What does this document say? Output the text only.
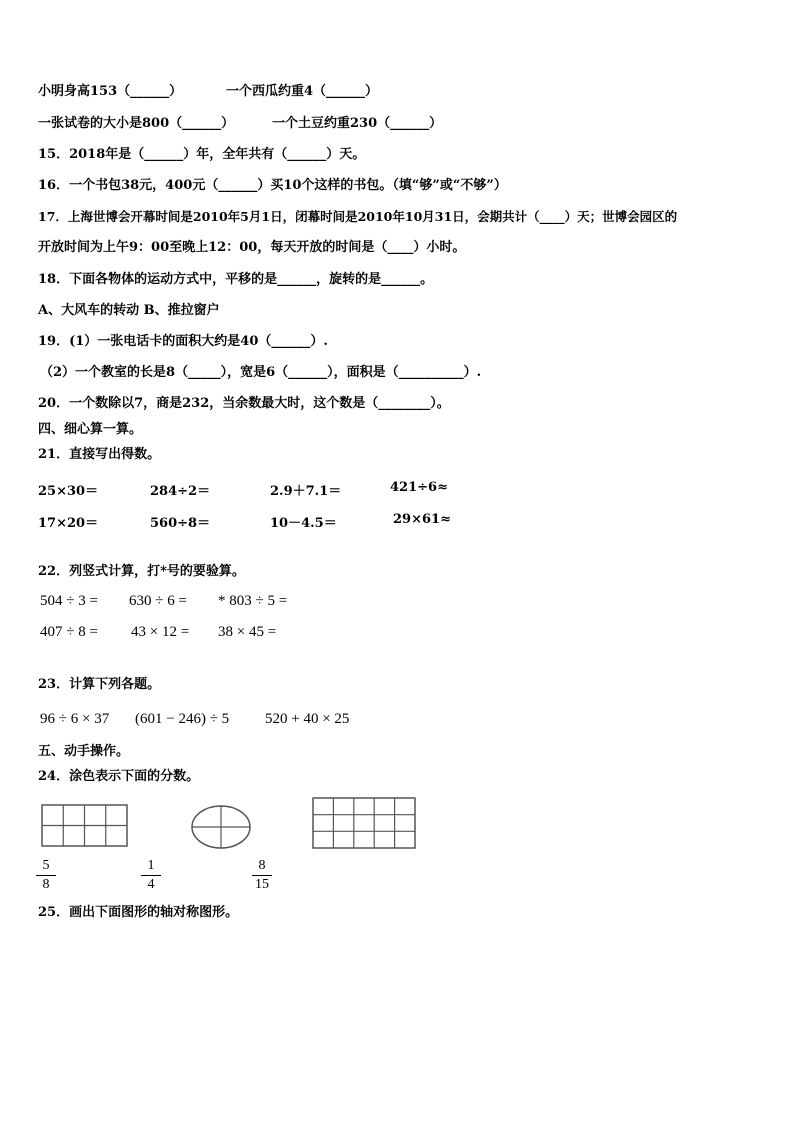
小明身高153（______）	一个西瓜约重4（______）
一张试卷的大小是800（______）	一个土豆约重230（______）
15．2018年是（______）年，全年共有（______）天。
16．一个书包38元，400元（______）买10个这样的书包。（填“够”或“不够”）
17．上海世博会开幕时间是2010年5月1日，闭幕时间是2010年10月31日，会期共计（____）天；世博会园区的
开放时间为上午9：00至晚上12：00，每天开放的时间是（____）小时。
18．下面各物体的运动方式中，平移的是______，旋转的是______。
A、大风车的转动 B、推拉窗户
19．(1）一张电话卡的面积大约是40（______）.
（2）一个教室的长是8（_____），宽是6（______），面积是（__________）.
20．一个数除以7，商是232，当余数最大时，这个数是（________）。
四、细心算一算。
21．直接写出得数。
25×30＝	284÷2＝	2.9＋7.1＝	421÷6≈
17×20＝	560÷8＝	10－4.5＝	29×61≈
22．列竖式计算，打*号的要验算。
504 ÷ 3 = 630 ÷ 6 = * 803 ÷ 5 =
407 ÷ 8 = 43 × 12 = 38 × 45 =
23．计算下列各题。
96 ÷ 6 × 37 (601 − 246) ÷ 5 520 + 40 × 25
五、动手操作。
24．涂色表示下面的分数。
5
8
1
4
8
15
25．画出下面图形的轴对称图形。
